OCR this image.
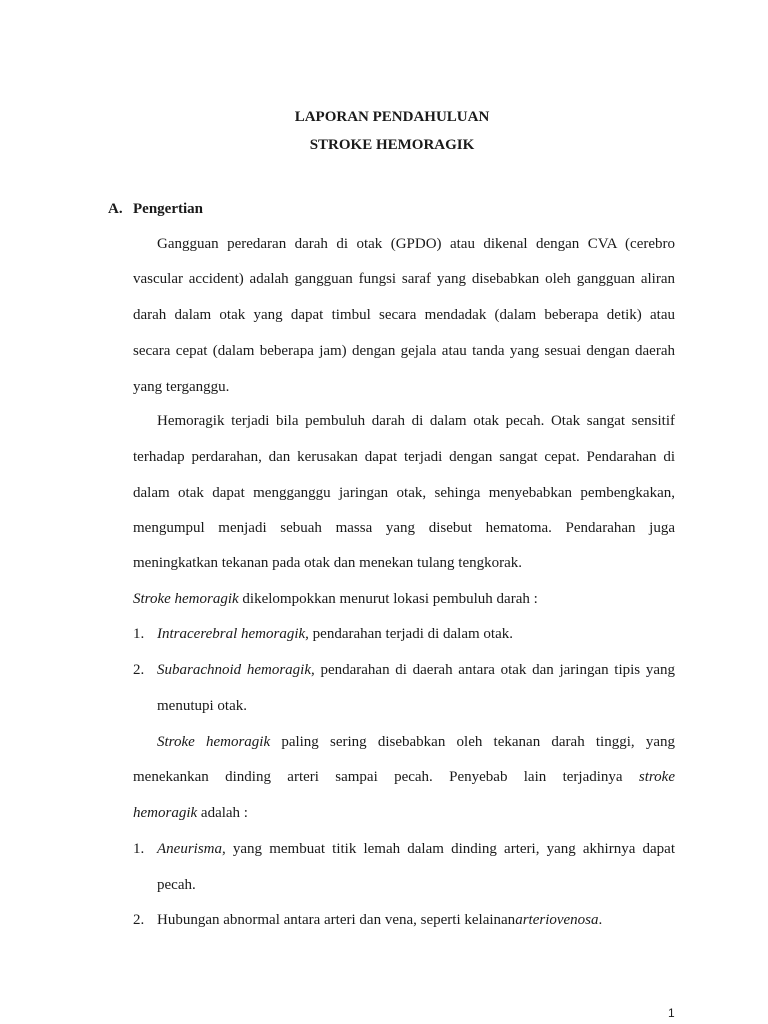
LAPORAN PENDAHULUAN
STROKE HEMORAGIK
A. Pengertian
Gangguan peredaran darah di otak (GPDO) atau dikenal dengan CVA (cerebro
vascular accident) adalah gangguan fungsi saraf yang disebabkan oleh gangguan aliran
darah dalam otak yang dapat timbul secara mendadak (dalam beberapa detik) atau
secara cepat (dalam beberapa jam) dengan gejala atau tanda yang sesuai dengan daerah
yang terganggu.
Hemoragik terjadi bila pembuluh darah di dalam otak pecah. Otak sangat sensitif
terhadap perdarahan, dan kerusakan dapat terjadi dengan sangat cepat. Pendarahan di
dalam otak dapat mengganggu jaringan otak, sehinga menyebabkan pembengkakan,
mengumpul menjadi sebuah massa yang disebut hematoma. Pendarahan juga
meningkatkan tekanan pada otak dan menekan tulang tengkorak.
Stroke hemoragik dikelompokkan menurut lokasi pembuluh darah :
1. Intracerebral hemoragik, pendarahan terjadi di dalam otak.
2. Subarachnoid hemoragik, pendarahan di daerah antara otak dan jaringan tipis yang
menutupi otak.
Stroke hemoragik paling sering disebabkan oleh tekanan darah tinggi, yang
menekankan dinding arteri sampai pecah. Penyebab lain terjadinya stroke
hemoragik adalah :
1. Aneurisma, yang membuat titik lemah dalam dinding arteri, yang akhirnya dapat
pecah.
2. Hubungan abnormal antara arteri dan vena, seperti kelainanarteriovenosa.
1
